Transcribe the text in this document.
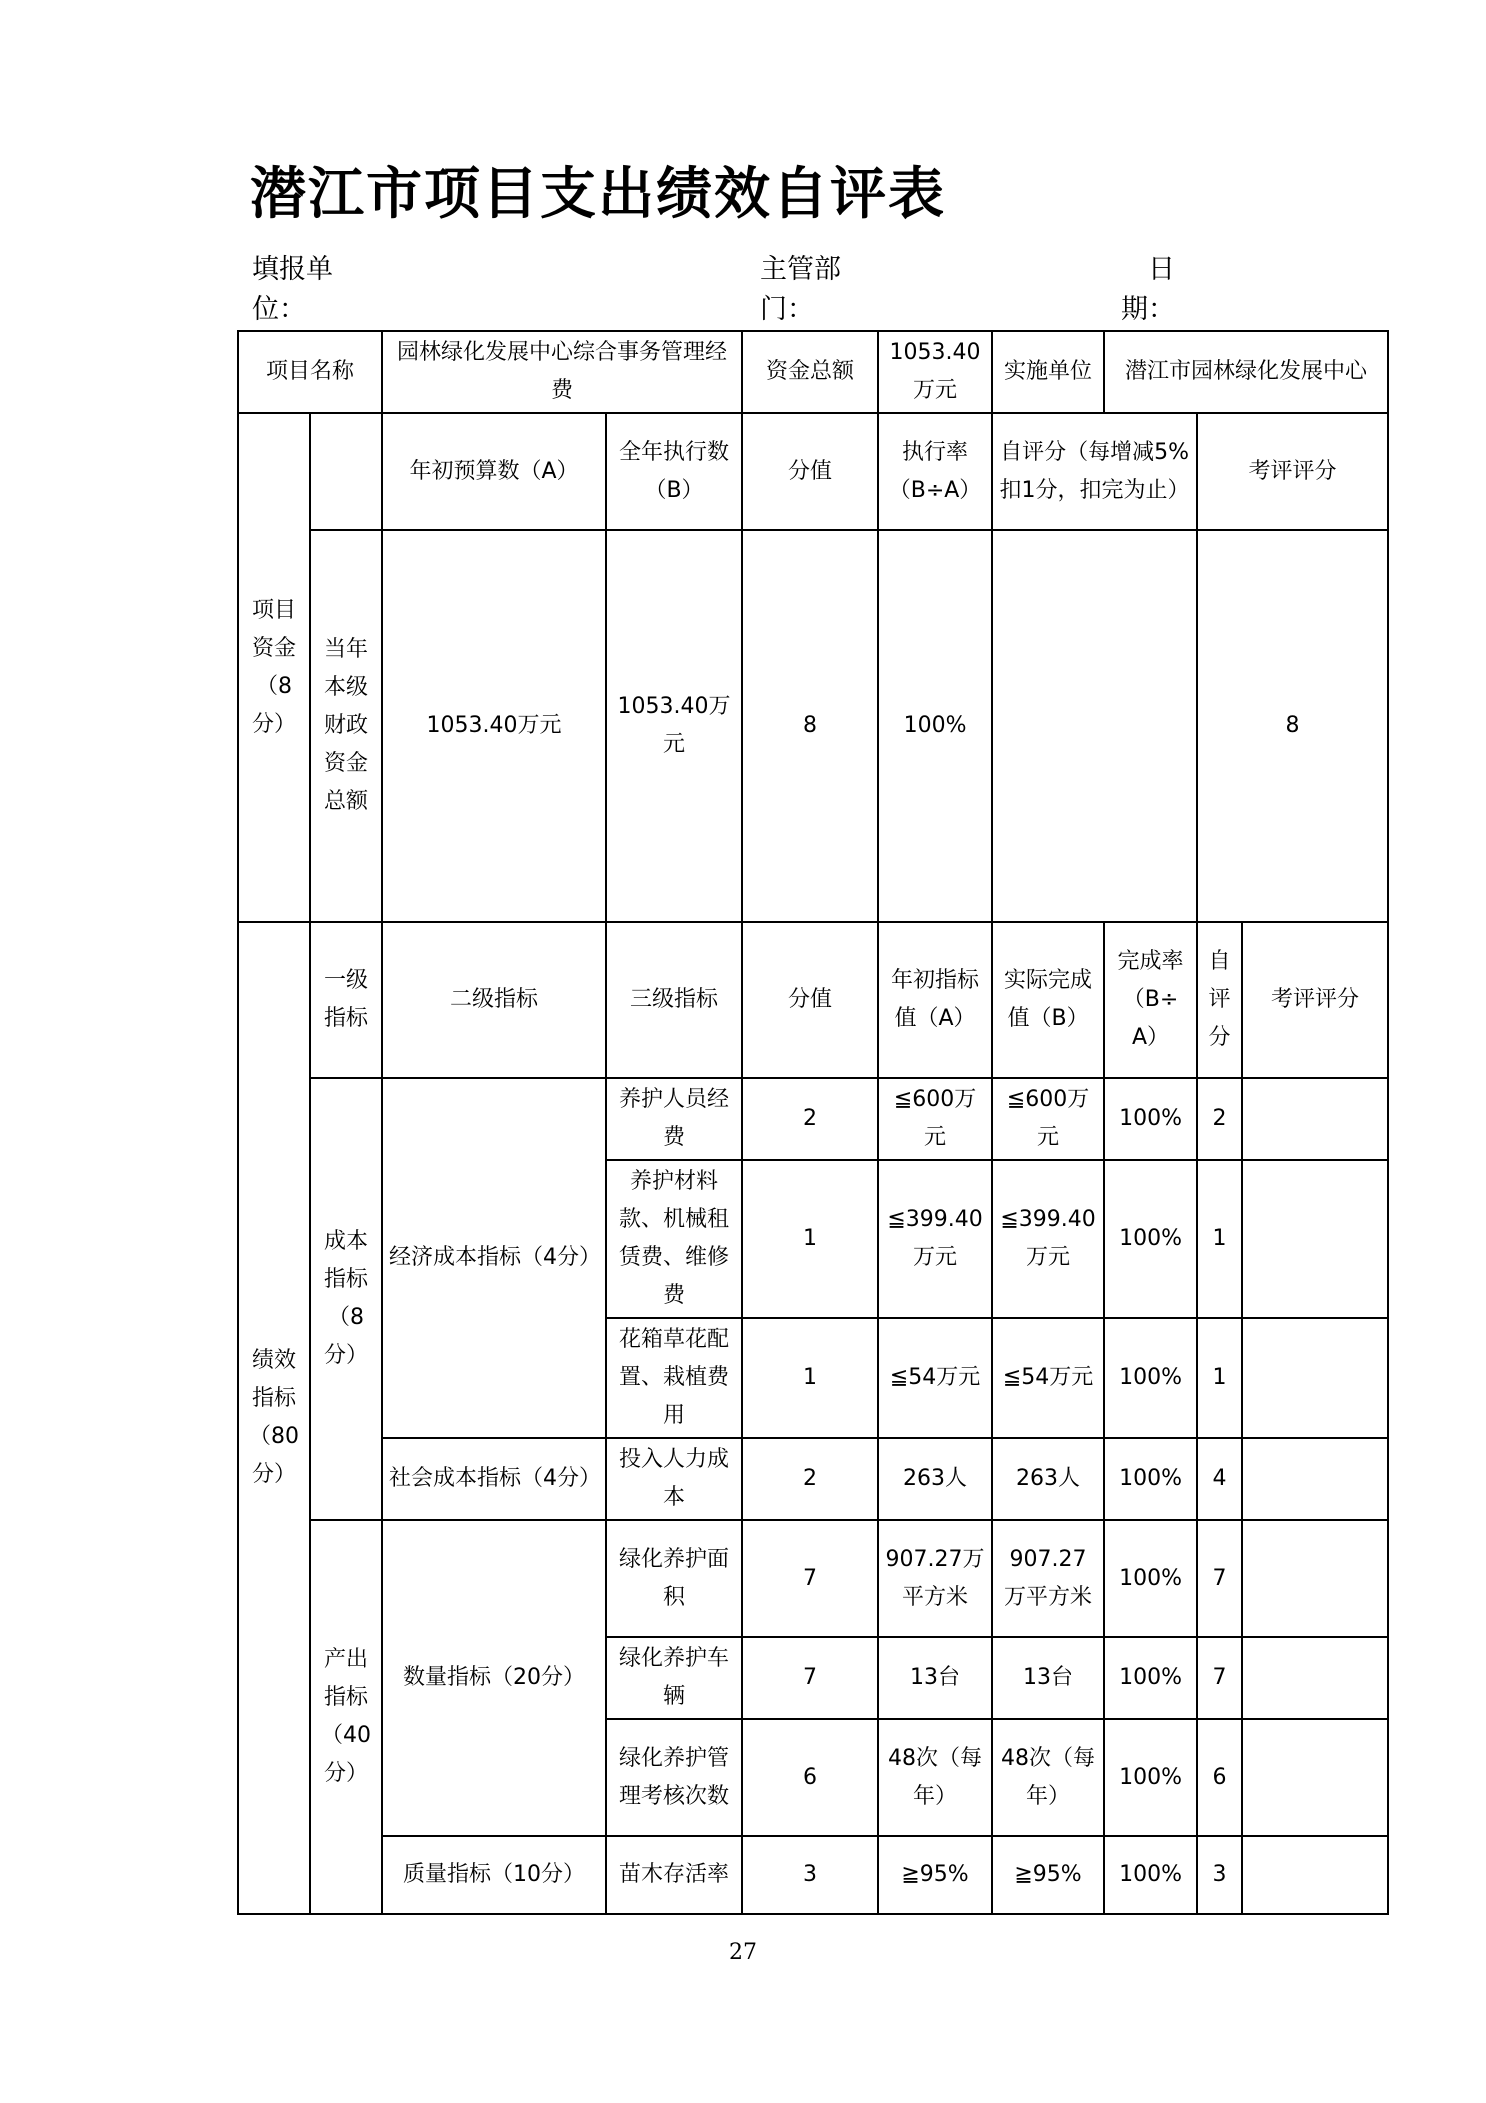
潜江市项目支出绩效自评表
填报单位：
主管部门：
日期：
项目名称		园林绿化发展中心综合事务管理经费		资金总额	1053.40万元	实施单位	潜江市园林绿化发展中心		
项目资金（8分）		年初预算数（A）	全年执行数（B）	分值	执行率（B÷A）	自评分（每增减5%扣1分，扣完为止）		考评评分	
	当年本级财政资金总额	1053.40万元	1053.40万元	8	100%			8	
绩效指标（80分）	一级指标	二级指标	三级指标	分值	年初指标值（A）	实际完成值（B）	完成率（B÷A）	自评分	考评评分
	成本指标（8分）	经济成本指标（4分）	养护人员经费	2	≦600万元	≦600万元	100%	2	
			养护材料款、机械租赁费、维修费	1	≦399.40万元	≦399.40万元	100%	1	
			花箱草花配置、栽植费用	1	≦54万元	≦54万元	100%	1	
		社会成本指标（4分）	投入人力成本	2	263人	263人	100%	4	
	产出指标（40分）	数量指标（20分）	绿化养护面积	7	907.27万平方米	907.27万平方米	100%	7	
			绿化养护车辆	7	13台	13台	100%	7	
			绿化养护管理考核次数	6	48次（每年）	48次（每年）	100%	6	
		质量指标（10分）	苗木存活率	3	≧95%	≧95%	100%	3	
27
